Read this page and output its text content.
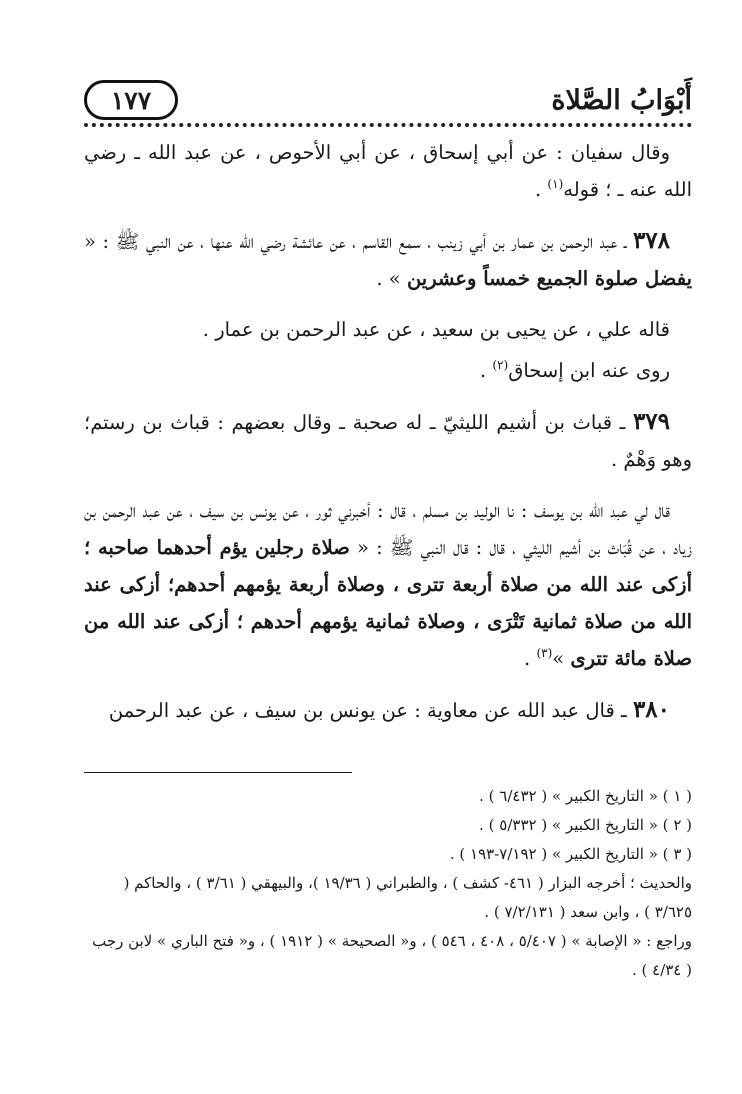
أَبْوَابُ الصَّلاة
١٧٧

وقال سفيان : عن أبي إسحاق ، عن أبي الأحوص ، عن عبد الله ـ رضي الله عنه ـ ؛ قوله$^{(١)}$ .

٣٧٨ ـ عبد الرحمن بن عمار بن أبي زينب ، سمع القاسم ، عن عائشة رضي الله عنها ، عن النبي ﷺ : « يفضل صلوة الجميع خمساً وعشرين » .

قاله علي ، عن يحيى بن سعيد ، عن عبد الرحمن بن عمار .

روى عنه ابن إسحاق$^{(٢)}$ .

٣٧٩ ـ قباث بن أشيم الليثيّ ـ له صحبة ـ وقال بعضهم : قباث بن رستم؛ وهو وَهْمٌ .

قال لي عبد الله بن يوسف : نا الوليد بن مسلم ، قال : أخبرني ثور ، عن يونس بن سيف ، عن عبد الرحمن بن زياد ، عن قُبَاث بن أشيم الليثي ، قال : قال النبي ﷺ : « صلاة رجلين يؤم أحدهما صاحبه ؛ أزكى عند الله من صلاة أربعة تترى ، وصلاة أربعة يؤمهم أحدهم؛ أزكى عند الله من صلاة ثمانية تَتْرَى ، وصلاة ثمانية يؤمهم أحدهم ؛ أزكى عند الله من صلاة مائة تترى »$^{(٣)}$ .

٣٨٠ ـ قال عبد الله عن معاوية : عن يونس بن سيف ، عن عبد الرحمن

( ١ ) « التاريخ الكبير » ( ٦/٤٣٢ ) .

( ٢ ) « التاريخ الكبير » ( ٥/٣٣٢ ) .

( ٣ ) « التاريخ الكبير » ( ٧/١٩٢-١٩٣ ) .

والحديث ؛ أخرجه البزار ( ٤٦١- كشف ) ، والطبراني ( ١٩/٣٦ )، والبيهقي ( ٣/٦١ ) ، والحاكم ( ٣/٦٢٥ ) ، وابن سعد ( ٧/٢/١٣١ ) .

وراجع : « الإصابة » ( ٥/٤٠٧ ، ٤٠٨ ، ٥٤٦ ) ، و« الصحيحة » ( ١٩١٢ ) ، و« فتح الباري » لابن رجب ( ٤/٣٤ ) .
